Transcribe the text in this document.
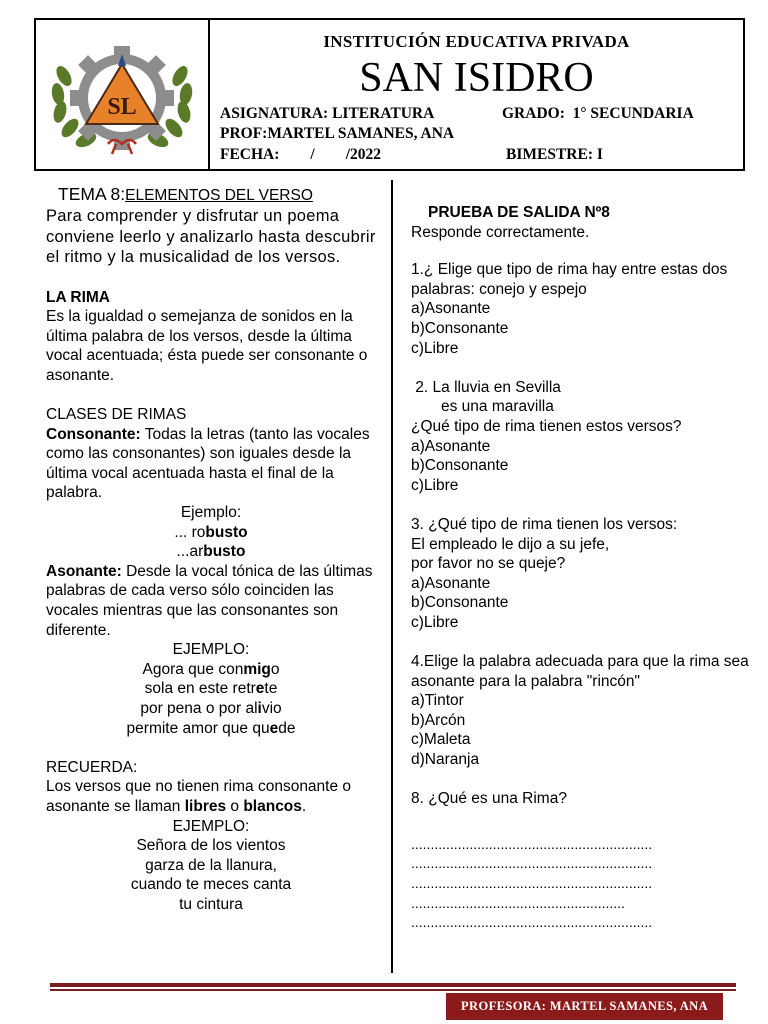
SL
INSTITUCIÓN EDUCATIVA PRIVADA
SAN ISIDRO
ASIGNATURA: LITERATURA	GRADO:  1° SECUNDARIA
PROF:MARTEL SAMANES, ANA
FECHA:        /        /2022	BIMESTRE: I

TEMA 8:ELEMENTOS DEL VERSO

Para comprender y disfrutar un poema conviene leerlo y analizarlo hasta descubrir el ritmo y la musicalidad de los versos.

LA RIMA

Es la igualdad o semejanza de sonidos en la última palabra de los versos, desde la última vocal acentuada; ésta puede ser consonante o asonante.

CLASES DE RIMAS

Consonante: Todas la letras (tanto las vocales como las consonantes) son iguales desde la última vocal acentuada hasta el final de la palabra.

Ejemplo:

... robusto

...arbusto

Asonante: Desde la vocal tónica de las últimas palabras de cada verso sólo coinciden las vocales mientras que las consonantes son diferente.

EJEMPLO:

Agora que conmigo

sola en este retrete

por pena o por alivio

permite amor que quede

RECUERDA:

Los versos que no tienen rima consonante o asonante se llaman libres o blancos.

EJEMPLO:

Señora de los vientos

garza de la llanura,

cuando te meces canta

tu cintura

PRUEBA DE SALIDA Nº8

Responde correctamente.

1.¿ Elige que tipo de rima hay entre estas dos palabras: conejo y espejo

a)Asonante

b)Consonante

c)Libre

2. La lluvia en Sevilla

es una maravilla

¿Qué tipo de rima tienen estos versos?

a)Asonante

b)Consonante

c)Libre

3. ¿Qué tipo de rima tienen los versos:

El empleado le dijo a su jefe,

por favor no se queje?

a)Asonante

b)Consonante

c)Libre

4.Elige la palabra adecuada para que la rima sea asonante para la palabra "rincón"

a)Tintor

b)Arcón

c)Maleta

d)Naranja

8. ¿Qué es una Rima?

..............................................................

..............................................................

..............................................................

.......................................................

..............................................................

PROFESORA: MARTEL SAMANES, ANA
